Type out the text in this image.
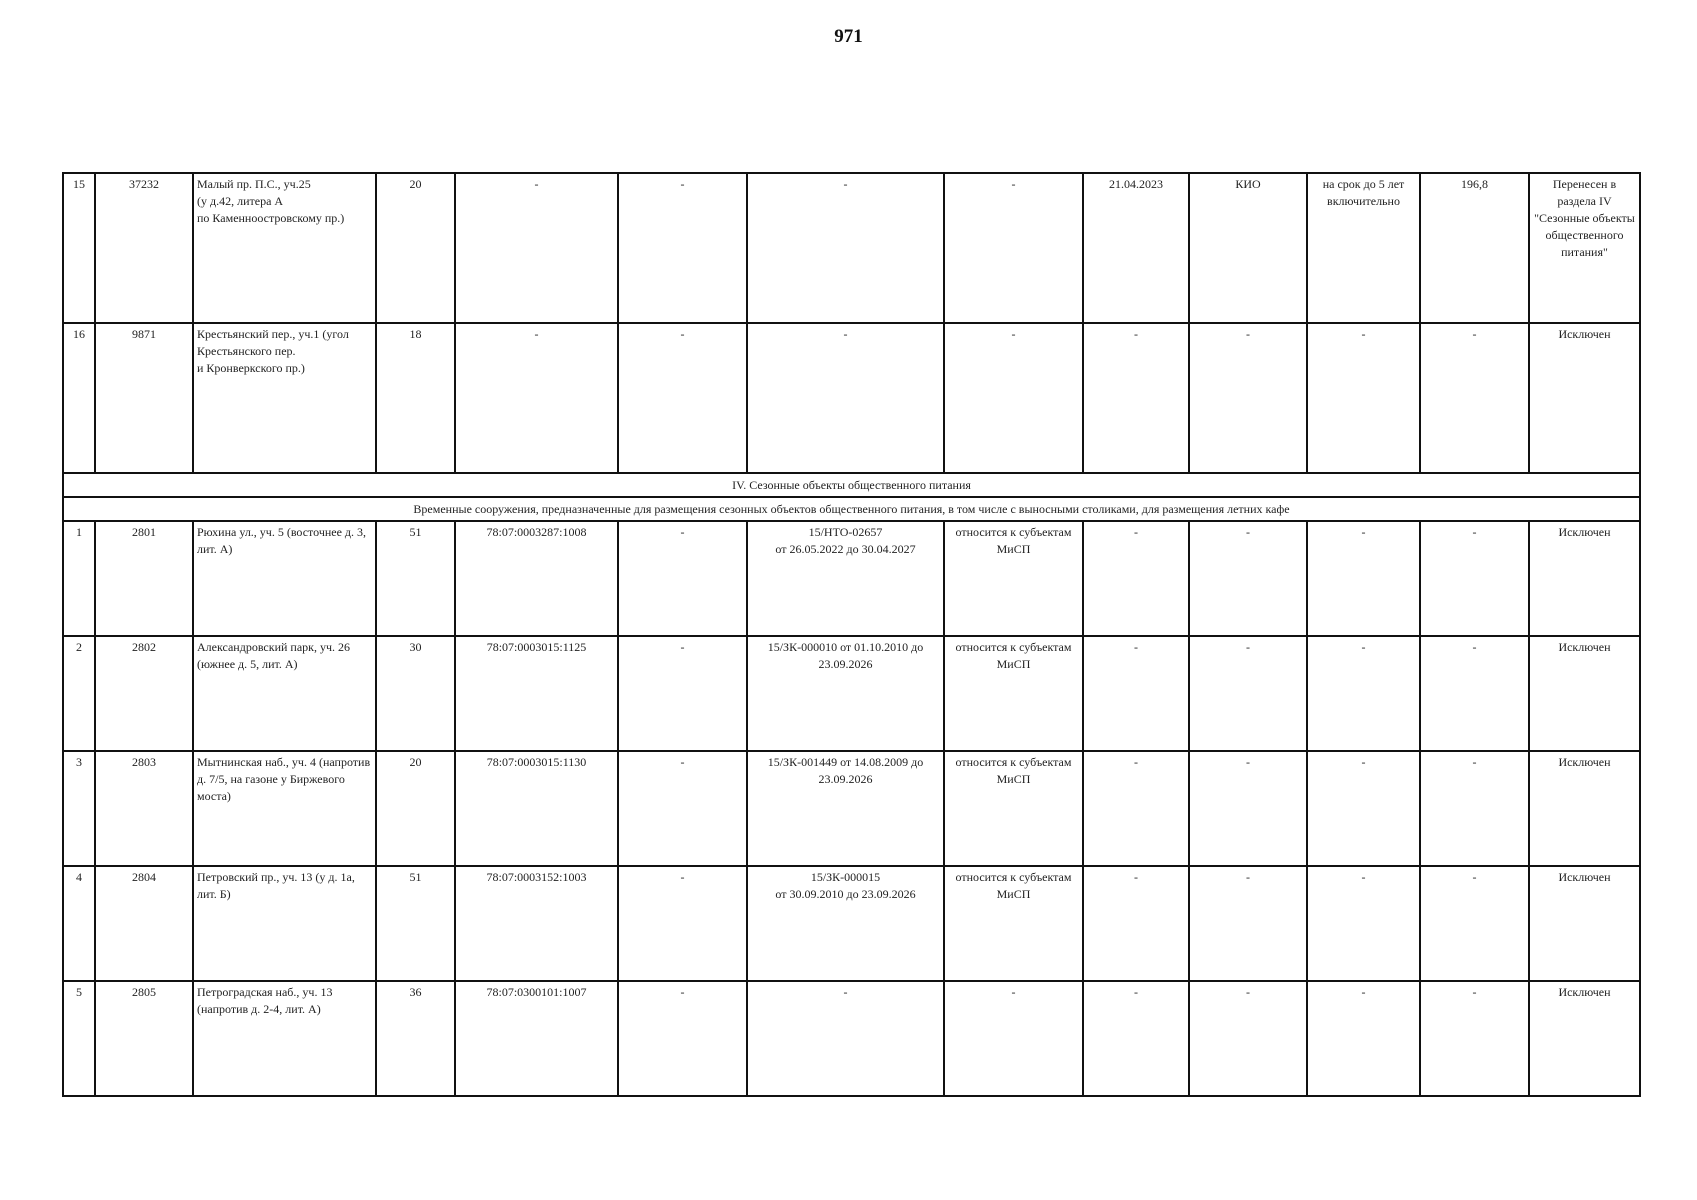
971
15	37232	Малый пр. П.С., уч.25
(у д.42, литера А
по Каменноостровскому пр.)	20	-	-	-	-	21.04.2023	КИО	на срок до 5 лет включительно	196,8	Перенесен в раздела IV "Сезонные объекты общественного питания"
16	9871	Крестьянский пер., уч.1 (угол Крестьянского пер.
и Кронверкского пр.)	18	-	-	-	-	-	-	-	-	Исключен
IV. Сезонные объекты общественного питания												
Временные сооружения, предназначенные для размещения сезонных объектов общественного питания, в том числе с выносными столиками, для размещения летних кафе												
1	2801	Рюхина ул., уч. 5 (восточнее д. 3, лит. А)	51	78:07:0003287:1008	-	15/НТО-02657
от 26.05.2022 до 30.04.2027	относится к субъектам МиСП	-	-	-	-	Исключен
2	2802	Александровский парк, уч. 26 (южнее д. 5, лит. А)	30	78:07:0003015:1125	-	15/ЗК-000010 от 01.10.2010 до 23.09.2026	относится к субъектам МиСП	-	-	-	-	Исключен
3	2803	Мытнинская наб., уч. 4 (напротив д. 7/5, на газоне у Биржевого моста)	20	78:07:0003015:1130	-	15/ЗК-001449 от 14.08.2009 до 23.09.2026	относится к субъектам МиСП	-	-	-	-	Исключен
4	2804	Петровский пр., уч. 13 (у д. 1а, лит. Б)	51	78:07:0003152:1003	-	15/ЗК-000015
от 30.09.2010 до 23.09.2026	относится к субъектам МиСП	-	-	-	-	Исключен
5	2805	Петроградская наб., уч. 13 (напротив д. 2-4, лит. А)	36	78:07:0300101:1007	-	-	-	-	-	-	-	Исключен
